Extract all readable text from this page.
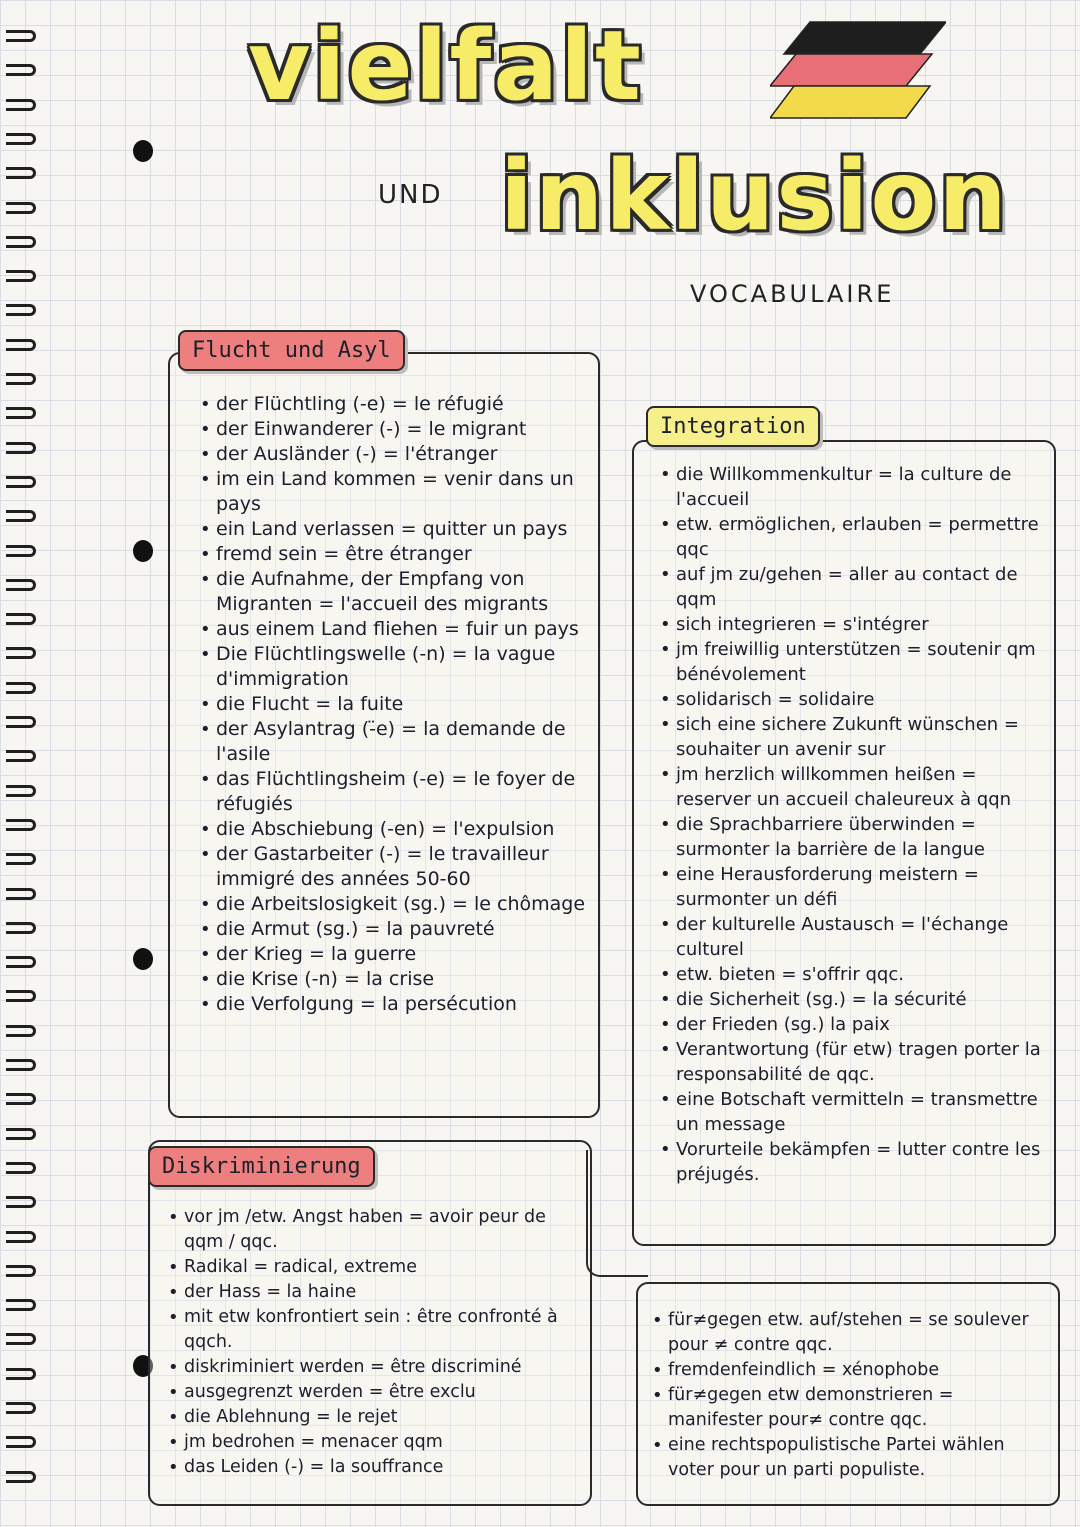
vielfalt
UND inklusion
VOCABULAIRE
Flucht und Asyl
Integration
Diskriminierung
• der Flüchtling (-e) = le réfugié
• der Einwanderer (-) = le migrant
• der Ausländer (-) = l'étranger
• im ein Land kommen = venir dans un pays
• ein Land verlassen = quitter un pays
• fremd sein = être étranger
• die Aufnahme, der Empfang von Migranten = l'accueil des migrants
• aus einem Land fliehen = fuir un pays
• Die Flüchtlingswelle (-n) = la vague d'immigration
• die Flucht = la fuite
• der Asylantrag (-̈e) = la demande de l'asile
• das Flüchtlingsheim (-e) = le foyer de réfugiés
• die Abschiebung (-en) = l'expulsion
• der Gastarbeiter (-) = le travailleur immigré des années 50-60
• die Arbeitslosigkeit (sg.) = le chômage
• die Armut (sg.) = la pauvreté
• der Krieg = la guerre
• die Krise (-n) = la crise
• die Verfolgung = la persécution
• die Willkommenkultur = la culture de l'accueil
• etw. ermöglichen, erlauben = permettre qqc
• auf jm zu/gehen = aller au contact de qqm
• sich integrieren = s'intégrer
• jm freiwillig unterstützen = soutenir qm bénévolement
• solidarisch = solidaire
• sich eine sichere Zukunft wünschen = souhaiter un avenir sur
• jm herzlich willkommen heißen = reserver un accueil chaleureux à qqn
• die Sprachbarriere überwinden = surmonter la barrière de la langue
• eine Herausforderung meistern = surmonter un défi
• der kulturelle Austausch = l'échange culturel
• etw. bieten = s'offrir qqc.
• die Sicherheit (sg.) = la sécurité
• der Frieden (sg.) la paix
• Verantwortung (für etw) tragen porter la responsabilité de qqc.
• eine Botschaft vermitteln = transmettre un message
• Vorurteile bekämpfen = lutter contre les préjugés.
• vor jm /etw. Angst haben = avoir peur de qqm / qqc.
• Radikal = radical, extreme
• der Hass = la haine
• mit etw konfrontiert sein : être confronté à qqch.
• diskriminiert werden = être discriminé
• ausgegrenzt werden = être exclu
• die Ablehnung = le rejet
• jm bedrohen = menacer qqm
• das Leiden (-) = la souffrance
• für≠gegen etw. auf/stehen = se soulever pour ≠ contre qqc.
• fremdenfeindlich = xénophobe
• für≠gegen etw demonstrieren = manifester pour≠ contre qqc.
• eine rechtspopulistische Partei wählen voter pour un parti populiste.
